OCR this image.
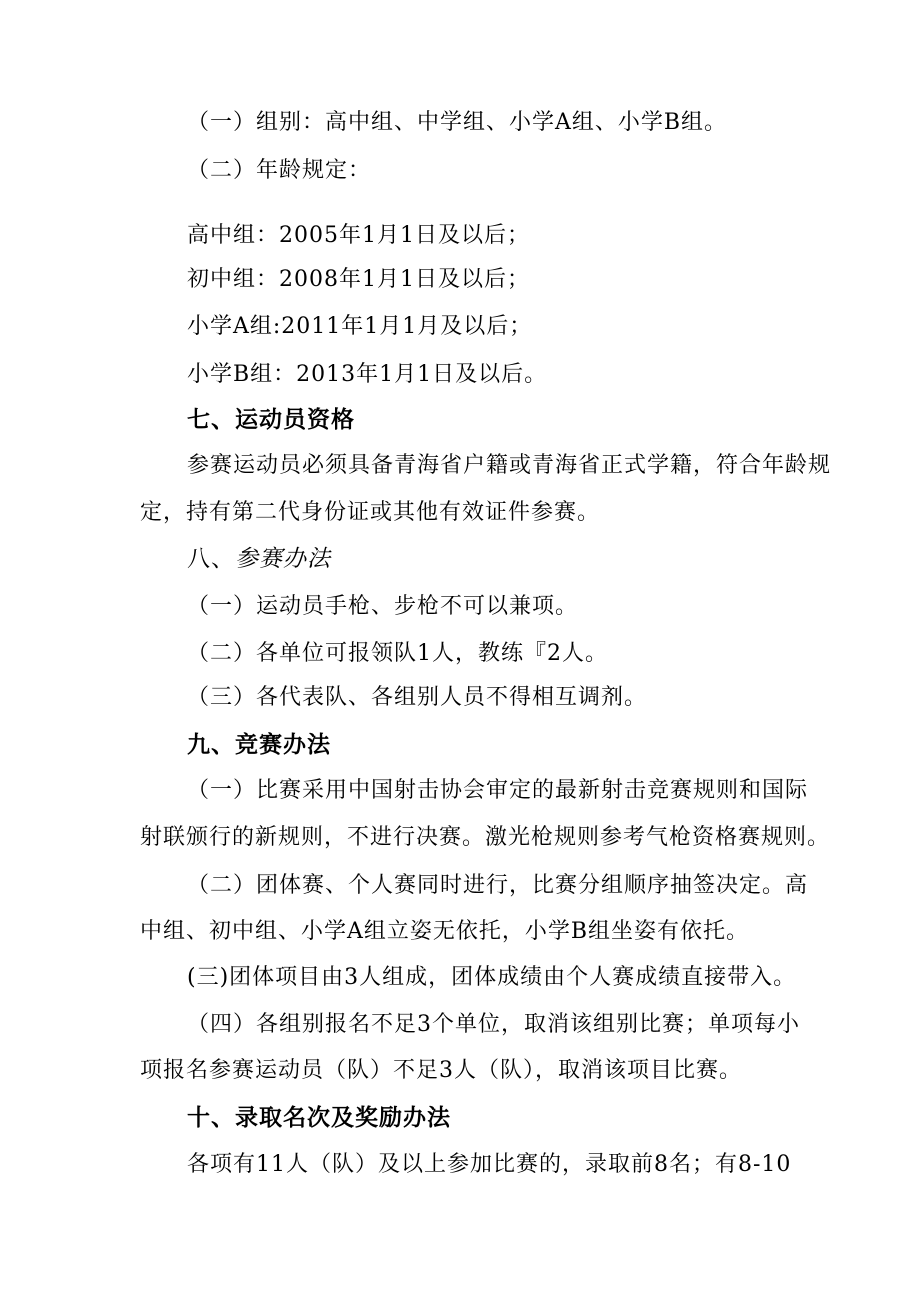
（一）组别：高中组、中学组、小学A组、小学B组。
（二）年龄规定：
高中组：2005年1月1日及以后；
初中组：2008年1月1日及以后；
小学A组:2011年1月1月及以后；
小学B组：2013年1月1日及以后。
七、运动员资格
参赛运动员必须具备青海省户籍或青海省正式学籍，符合年龄规
定，持有第二代身份证或其他有效证件参赛。
八、参赛办法
（一）运动员手枪、步枪不可以兼项。
（二）各单位可报领队1人，教练『2人。
（三）各代表队、各组别人员不得相互调剂。
九、竞赛办法
（一）比赛采用中国射击协会审定的最新射击竞赛规则和国际
射联颁行的新规则，不进行决赛。激光枪规则参考气枪资格赛规则。
（二）团体赛、个人赛同时进行，比赛分组顺序抽签决定。高
中组、初中组、小学A组立姿无依托，小学B组坐姿有依托。
(三)团体项目由3人组成，团体成绩由个人赛成绩直接带入。
（四）各组别报名不足3个单位，取消该组别比赛；单项每小
项报名参赛运动员（队）不足3人（队），取消该项目比赛。
十、录取名次及奖励办法
各项有11人（队）及以上参加比赛的，录取前8名；有8-10
